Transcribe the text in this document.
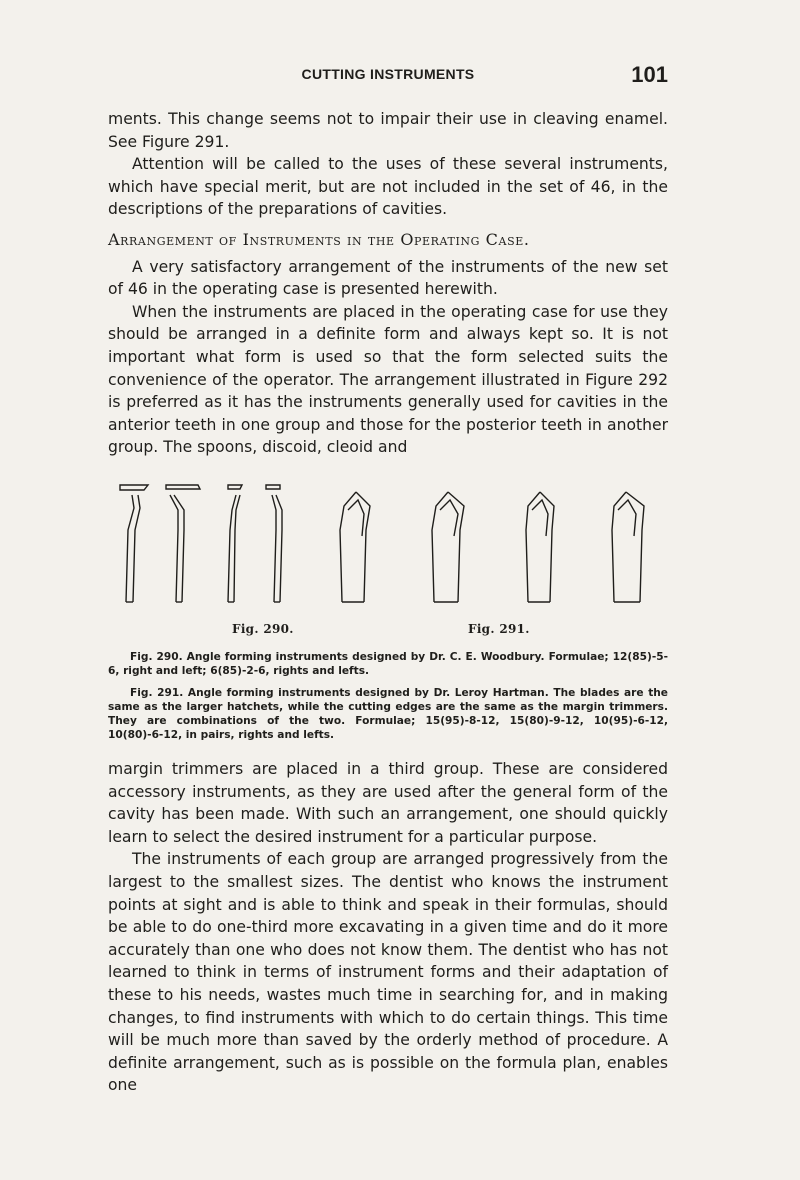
CUTTING INSTRUMENTS	101

ments. This change seems not to impair their use in cleaving enamel. See Figure 291.

Attention will be called to the uses of these several instruments, which have special merit, but are not included in the set of 46, in the descriptions of the preparations of cavities.

Arrangement of Instruments in the Operating Case.

A very satisfactory arrangement of the instruments of the new set of 46 in the operating case is presented herewith.

When the instruments are placed in the operating case for use they should be arranged in a definite form and always kept so. It is not important what form is used so that the form selected suits the convenience of the operator. The arrangement illustrated in Figure 292 is preferred as it has the instruments generally used for cavities in the anterior teeth in one group and those for the posterior teeth in another group. The spoons, discoid, cleoid and

Fig. 290.	Fig. 291.

Fig. 290. Angle forming instruments designed by Dr. C. E. Woodbury. Formulae; 12(85)-5-6, right and left; 6(85)-2-6, rights and lefts.

Fig. 291. Angle forming instruments designed by Dr. Leroy Hartman. The blades are the same as the larger hatchets, while the cutting edges are the same as the margin trimmers. They are combinations of the two. Formulae; 15(95)-8-12, 15(80)-9-12, 10(95)-6-12, 10(80)-6-12, in pairs, rights and lefts.

margin trimmers are placed in a third group. These are considered accessory instruments, as they are used after the general form of the cavity has been made. With such an arrangement, one should quickly learn to select the desired instrument for a particular purpose.

The instruments of each group are arranged progressively from the largest to the smallest sizes. The dentist who knows the instrument points at sight and is able to think and speak in their formulas, should be able to do one-third more excavating in a given time and do it more accurately than one who does not know them. The dentist who has not learned to think in terms of instrument forms and their adaptation of these to his needs, wastes much time in searching for, and in making changes, to find instruments with which to do certain things. This time will be much more than saved by the orderly method of procedure. A definite arrangement, such as is possible on the formula plan, enables one
